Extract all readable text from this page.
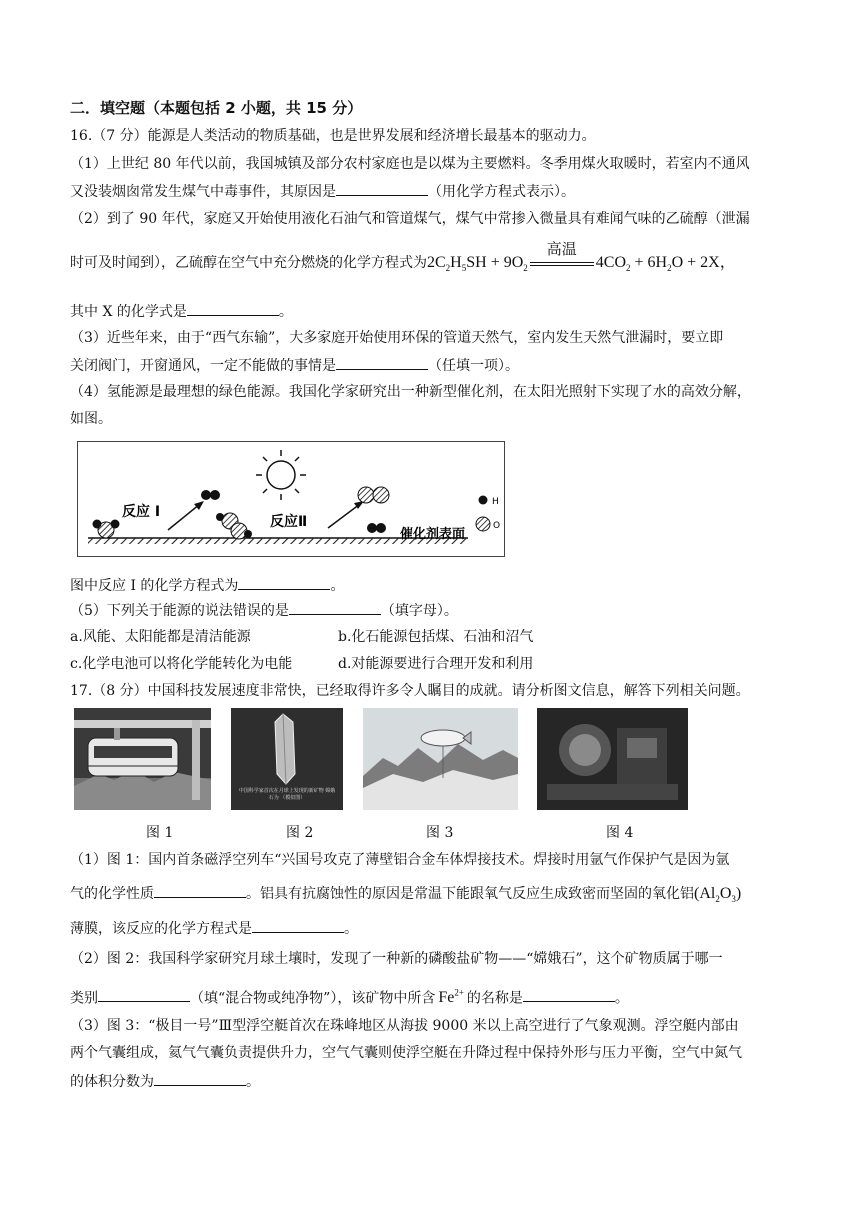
二．填空题（本题包括 2 小题，共 15 分）
16.（7 分）能源是人类活动的物质基础，也是世界发展和经济增长最基本的驱动力。
（1）上世纪 80 年代以前，我国城镇及部分农村家庭也是以煤为主要燃料。冬季用煤火取暖时，若室内不通风
又没装烟囱常发生煤气中毒事件，其原因是	（用化学方程式表示）。
（2）到了 90 年代，家庭又开始使用液化石油气和管道煤气，煤气中常掺入微量具有难闻气味的乙硫醇（泄漏
时可及时闻到），乙硫醇在空气中充分燃烧的化学方程式为$2C_2H_5SH + 9O_2$
高温
$4CO_2 + 6H_2O + 2X$，
其中 X 的化学式是	。
（3）近些年来，由于“西气东输”，大多家庭开始使用环保的管道天然气，室内发生天然气泄漏时，要立即
关闭阀门，开窗通风，一定不能做的事情是	（任填一项）。
（4）氢能源是最理想的绿色能源。我国化学家研究出一种新型催化剂，在太阳光照射下实现了水的高效分解，
如图。
反应 I
反应Ⅱ
催化剂表面
H
O
图中反应 I 的化学方程式为	。
（5）下列关于能源的说法错误的是	（填字母）。
a.风能、太阳能都是清洁能源	b.化石能源包括煤、石油和沼气
c.化学电池可以将化学能转化为电能	d.对能源要进行合理开发和利用
17.（8 分）中国科技发展速度非常快，已经取得许多令人瞩目的成就。请分析图文信息，解答下列相关问题。
中国科学家首次在月球上发现的新矿物 嫦娥石为 （模拟图）
图 1	图 2	图 3	图 4
（1）图 1：国内首条磁浮空列车“兴国号攻克了薄壁铝合金车体焊接技术。焊接时用氩气作保护气是因为氩
气的化学性质	。铝具有抗腐蚀性的原因是常温下能跟氧气反应生成致密而坚固的氧化铝$(Al_2O_3)$
薄膜，该反应的化学方程式是	。
（2）图 2：我国科学家研究月球土壤时，发现了一种新的磷酸盐矿物——“嫦娥石”，这个矿物质属于哪一
类别	（填“混合物或纯净物”），该矿物中所含 $Fe^{2+}$ 的名称是	。
（3）图 3：“极目一号”Ⅲ型浮空艇首次在珠峰地区从海拔 9000 米以上高空进行了气象观测。浮空艇内部由
两个气囊组成，氦气气囊负责提供升力，空气气囊则使浮空艇在升降过程中保持外形与压力平衡，空气中氮气
的体积分数为	。
